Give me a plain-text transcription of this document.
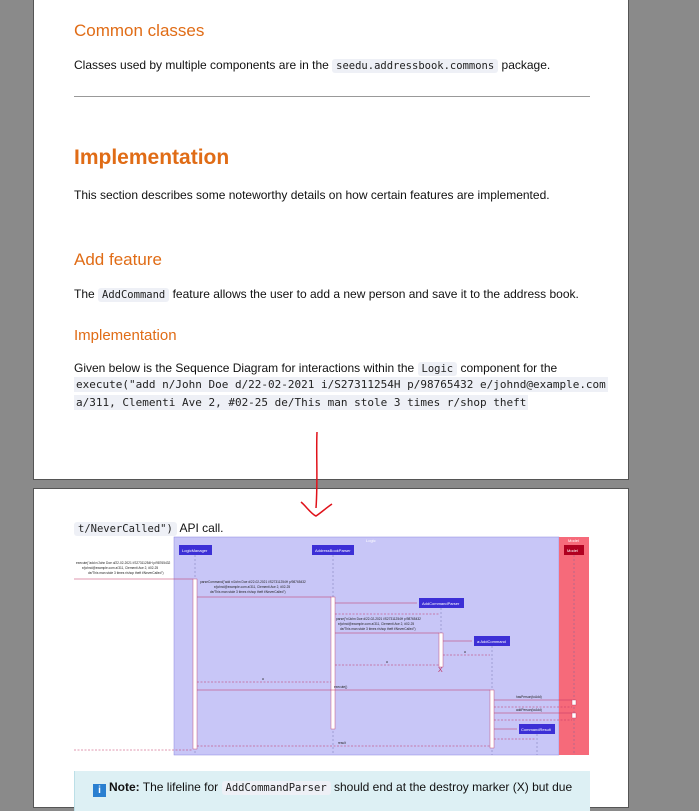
Common classes
Classes used by multiple components are in the seedu.addressbook.commons package.
Implementation
This section describes some noteworthy details on how certain features are implemented.
Add feature
The AddCommand feature allows the user to add a new person and save it to the address book.
Implementation
Given below is the Sequence Diagram for interactions within the Logic component for the
execute("add n/John Doe d/22-02-2021 i/S27311254H p/98765432 e/johnd@example.com
a/311, Clementi Ave 2, #02-25 de/This man stole 3 times r/shop theft
t/NeverCalled") API call.
Logic	Model
LogicManager	AddressBookParser	Model
execute("add n/John Doe d/22-02-2021 i/S27311254H p/98765432
e/johnd@example.com a/311, Clementi Ave 2, #02-25
de/This man stole 3 times r/shop theft t/NeverCalled")
parseCommand("add n/John Doe d/22-02-2021 i/S27311254H p/98765432
e/johnd@example.com a/311, Clementi Ave 2, #02-25
de/This man stole 3 times r/shop theft t/NeverCalled")
AddCommandParser
parse("n/John Doe d/22-02-2021 i/S27311254H p/98765432
e/johnd@example.com a/311, Clementi Ave 2, #02-25
de/This man stole 3 times r/shop theft t/NeverCalled")
a:AddCommand
a
a
X
a
execute()
hasPerson(toAdd)
addPerson(toAdd)
CommandResult
result
i Note: The lifeline for AddCommandParser should end at the destroy marker (X) but due
